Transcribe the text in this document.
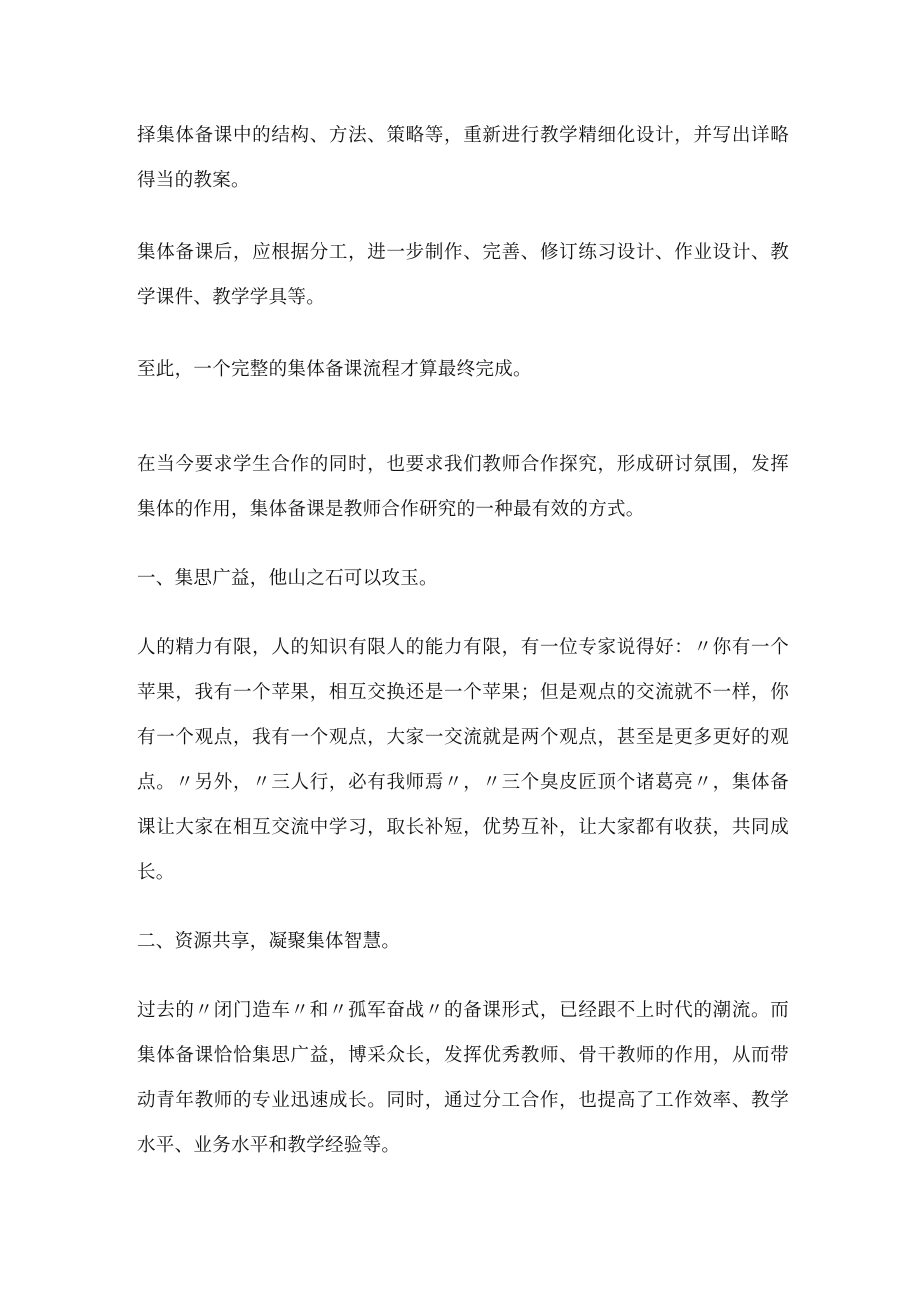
择集体备课中的结构、方法、策略等，重新进行教学精细化设计，并写出详略得当的教案。

集体备课后，应根据分工，进一步制作、完善、修订练习设计、作业设计、教学课件、教学学具等。

至此，一个完整的集体备课流程才算最终完成。

在当今要求学生合作的同时，也要求我们教师合作探究，形成研讨氛围，发挥集体的作用，集体备课是教师合作研究的一种最有效的方式。

一、集思广益，他山之石可以攻玉。

人的精力有限，人的知识有限人的能力有限，有一位专家说得好：〃你有一个苹果，我有一个苹果，相互交换还是一个苹果；但是观点的交流就不一样，你有一个观点，我有一个观点，大家一交流就是两个观点，甚至是更多更好的观点。〃另外，〃三人行，必有我师焉〃，〃三个臭皮匠顶个诸葛亮〃，集体备课让大家在相互交流中学习，取长补短，优势互补，让大家都有收获，共同成长。

二、资源共享，凝聚集体智慧。

过去的〃闭门造车〃和〃孤军奋战〃的备课形式，已经跟不上时代的潮流。而集体备课恰恰集思广益，博采众长，发挥优秀教师、骨干教师的作用，从而带动青年教师的专业迅速成长。同时，通过分工合作，也提高了工作效率、教学水平、业务水平和教学经验等。
